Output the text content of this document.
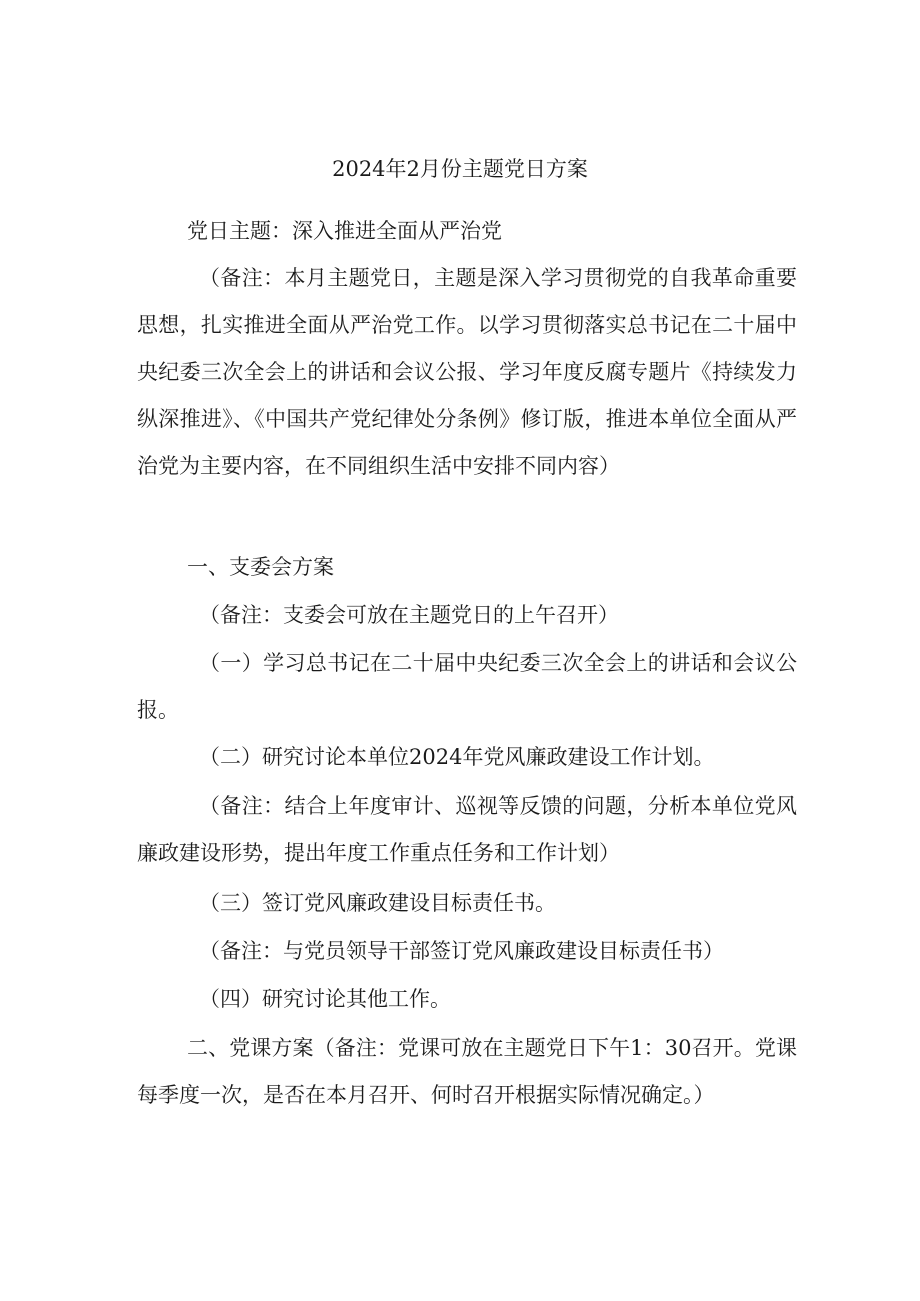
2024年2月份主题党日方案

党日主题：深入推进全面从严治党

（备注：本月主题党日，主题是深入学习贯彻党的自我革命重要思想，扎实推进全面从严治党工作。以学习贯彻落实总书记在二十届中央纪委三次全会上的讲话和会议公报、学习年度反腐专题片《持续发力纵深推进》、《中国共产党纪律处分条例》修订版，推进本单位全面从严治党为主要内容，在不同组织生活中安排不同内容）

一、支委会方案

（备注：支委会可放在主题党日的上午召开）

（一）学习总书记在二十届中央纪委三次全会上的讲话和会议公报。

（二）研究讨论本单位2024年党风廉政建设工作计划。

（备注：结合上年度审计、巡视等反馈的问题，分析本单位党风廉政建设形势，提出年度工作重点任务和工作计划）

（三）签订党风廉政建设目标责任书。

（备注：与党员领导干部签订党风廉政建设目标责任书）

（四）研究讨论其他工作。

二、党课方案（备注：党课可放在主题党日下午1：30召开。党课每季度一次，是否在本月召开、何时召开根据实际情况确定。）
